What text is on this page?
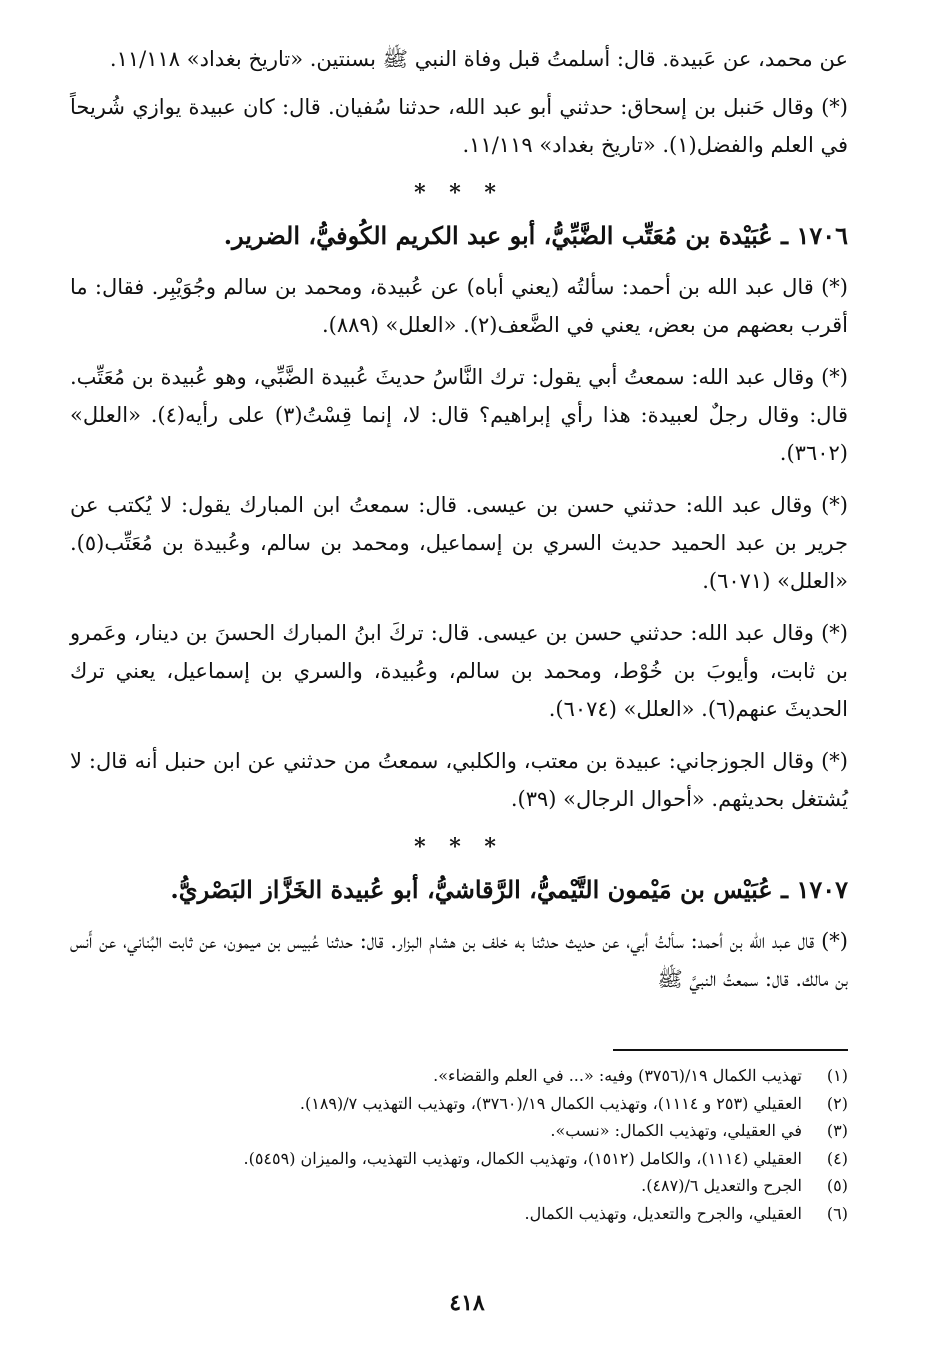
عن محمد، عن عَبيدة. قال: أسلمتُ قبل وفاة النبي ﷺ بسنتين. «تاريخ بغداد» ١١/١١٨.

(*) وقال حَنبل بن إسحاق: حدثني أبو عبد الله، حدثنا سُفيان. قال: كان عبيدة يوازي شُريحاً في العلم والفضل(١). «تاريخ بغداد» ١١/١١٩.

* * *
١٧٠٦ ـ عُبَيْدة بن مُعَتِّب الضَّبِّيُّ، أبو عبد الكريم الكُوفيُّ، الضرير.

(*) قال عبد الله بن أحمد: سألتُه (يعني أباه) عن عُبيدة، ومحمد بن سالم وجُوَيْبِر. فقال: ما أقرب بعضهم من بعض، يعني في الضَّعف(٢). «العلل» (٨٨٩).

(*) وقال عبد الله: سمعتُ أبي يقول: ترك النَّاسُ حديثَ عُبيدة الضَّبِّي، وهو عُبيدة بن مُعَتِّب. قال: وقال رجلٌ لعبيدة: هذا رأي إبراهيم؟ قال: لا، إنما قِسْتُ(٣) على رأيه(٤). «العلل» (٣٦٠٢).

(*) وقال عبد الله: حدثني حسن بن عيسى. قال: سمعتُ ابن المبارك يقول: لا يُكتب عن جرير بن عبد الحميد حديث السري بن إسماعيل، ومحمد بن سالم، وعُبيدة بن مُعَتِّب(٥). «العلل» (٦٠٧١).

(*) وقال عبد الله: حدثني حسن بن عيسى. قال: تركَ ابنُ المبارك الحسنَ بن دينار، وعَمرو بن ثابت، وأيوبَ بن خُوْط، ومحمد بن سالم، وعُبيدة، والسري بن إسماعيل، يعني ترك الحديثَ عنهم(٦). «العلل» (٦٠٧٤).

(*) وقال الجوزجاني: عبيدة بن معتب، والكلبي، سمعتُ من حدثني عن ابن حنبل أنه قال: لا يُشتغل بحديثهم. «أحوال الرجال» (٣٩).

* * *
١٧٠٧ ـ عُبَيْس بن مَيْمون التَّيْميُّ، الرَّقاشيُّ، أبو عُبيدة الخَزَّاز البَصْريُّ.

(*) قال عبد الله بن أحمد: سألتُ أبي، عن حديث حدثنا به خلف بن هشام البزار. قال: حدثنا عُبيس بن ميمون، عن ثابت البُناني، عن أَنس بن مالك. قال: سمعتُ النبيَّ ﷺ

(١)
تهذيب الكمال ١٩/(٣٧٥٦) وفيه: «... في العلم والقضاء».
(٢)
العقيلي (٢٥٣ و ١١١٤)، وتهذيب الكمال ١٩/(٣٧٦٠)، وتهذيب التهذيب ٧/(١٨٩).
(٣)
في العقيلي، وتهذيب الكمال: «نسب».
(٤)
العقيلي (١١١٤)، والكامل (١٥١٢)، وتهذيب الكمال، وتهذيب التهذيب، والميزان (٥٤٥٩).
(٥)
الجرح والتعديل ٦/(٤٨٧).
(٦)
العقيلي، والجرح والتعديل، وتهذيب الكمال.
٤١٨
